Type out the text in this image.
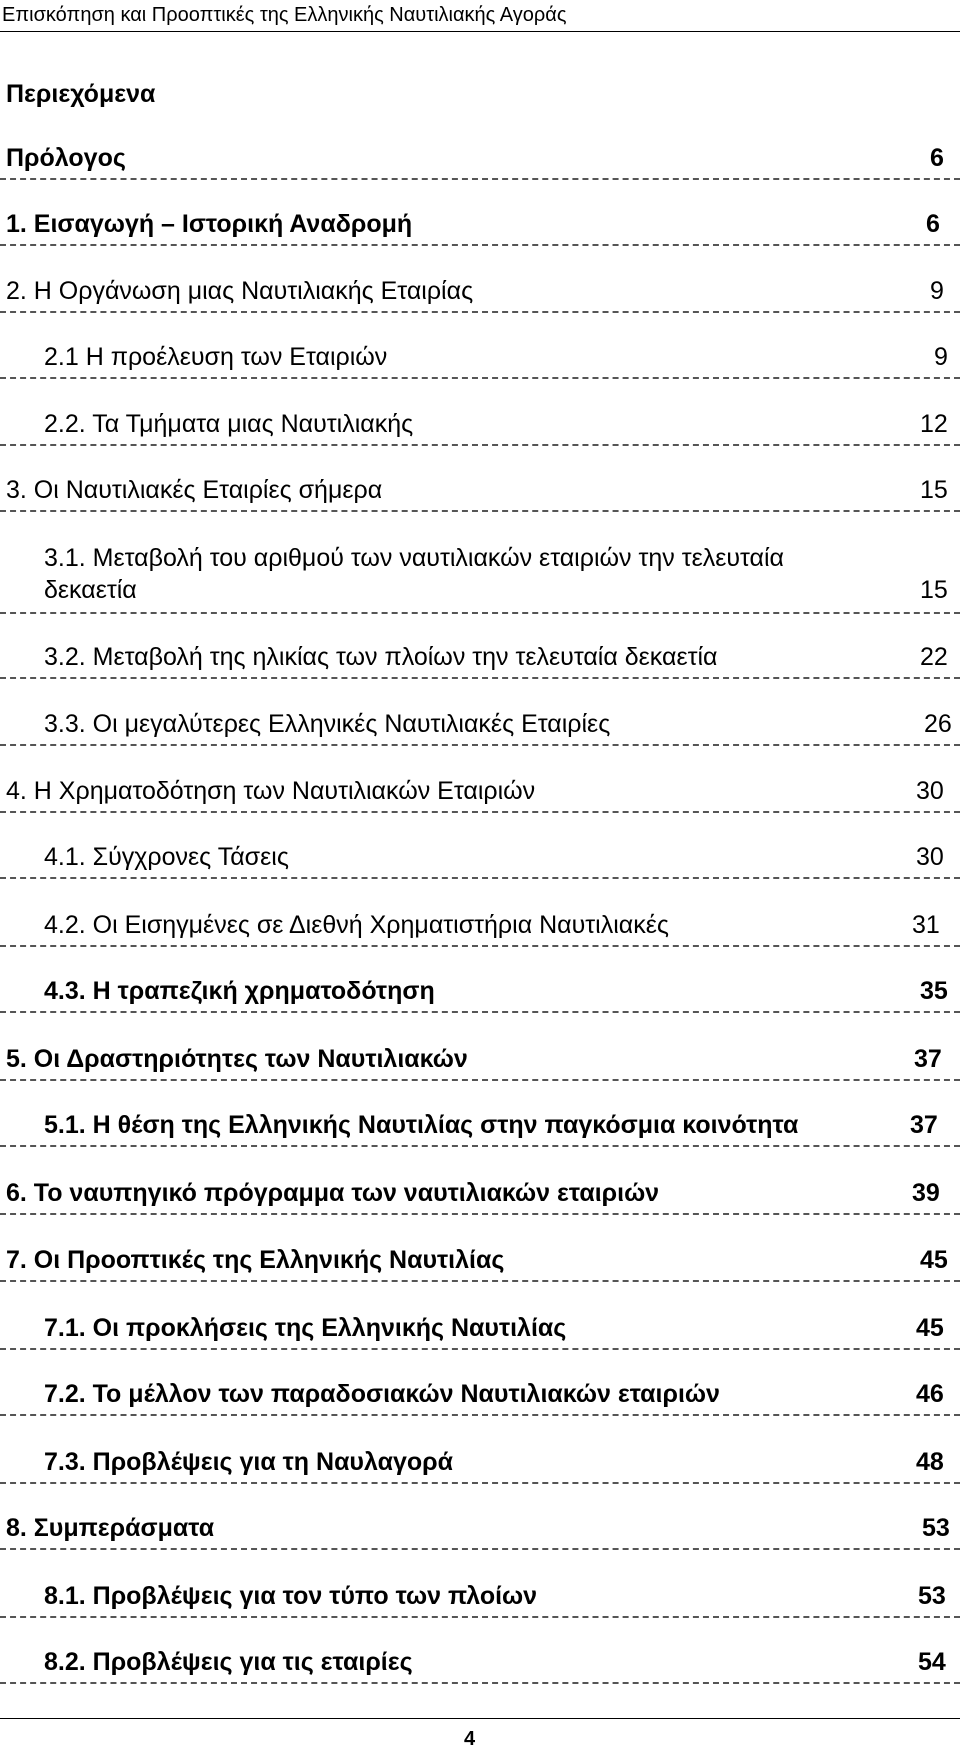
Επισκόπηση και Προοπτικές της Ελληνικής Ναυτιλιακής Αγοράς
Περιεχόμενα
Πρόλογος	6
1. Εισαγωγή – Ιστορική Αναδρομή	6
2. Η Οργάνωση μιας Ναυτιλιακής Εταιρίας	9
2.1 Η προέλευση των Εταιριών	9
2.2. Τα Τμήματα μιας Ναυτιλιακής	12
3. Οι Ναυτιλιακές Εταιρίες σήμερα	15
3.1. Μεταβολή του αριθμού των ναυτιλιακών εταιριών την τελευταία δεκαετία	15
3.2. Μεταβολή της ηλικίας των πλοίων την τελευταία δεκαετία	22
3.3. Οι μεγαλύτερες Ελληνικές Ναυτιλιακές Εταιρίες	26
4. Η Χρηματοδότηση των Ναυτιλιακών Εταιριών	30
4.1. Σύγχρονες Τάσεις	30
4.2. Οι Εισηγμένες σε Διεθνή Χρηματιστήρια Ναυτιλιακές	31
4.3. Η τραπεζική χρηματοδότηση	35
5. Οι Δραστηριότητες των Ναυτιλιακών	37
5.1. Η θέση της Ελληνικής Ναυτιλίας στην παγκόσμια κοινότητα	37
6. Το ναυπηγικό πρόγραμμα των ναυτιλιακών εταιριών	39
7. Οι Προοπτικές της Ελληνικής Ναυτιλίας	45
7.1. Οι προκλήσεις της Ελληνικής Ναυτιλίας	45
7.2. Το μέλλον των παραδοσιακών Ναυτιλιακών εταιριών	46
7.3. Προβλέψεις για τη Ναυλαγορά	48
8. Συμπεράσματα	53
8.1. Προβλέψεις για τον τύπο των πλοίων	53
8.2. Προβλέψεις για τις εταιρίες	54
4
